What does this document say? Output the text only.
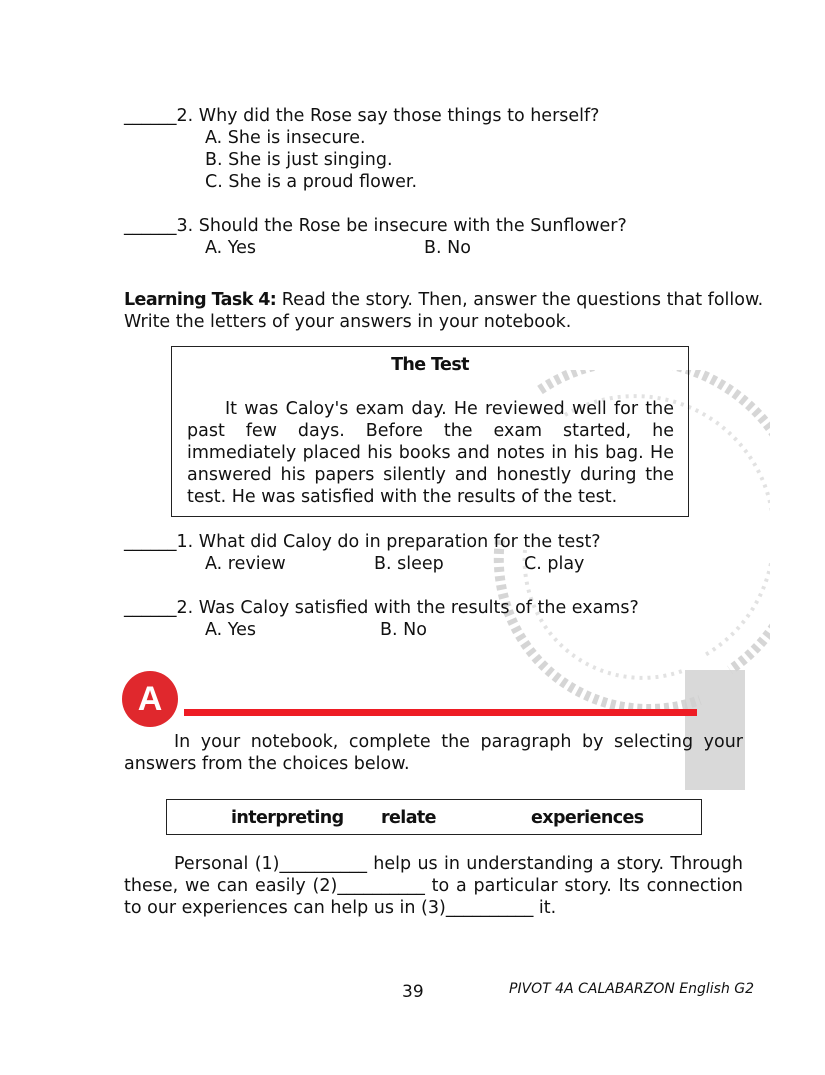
______2. Why did the Rose say those things to herself?
A. She is insecure.
B. She is just singing.
C. She is a proud flower.
______3. Should the Rose be insecure with the Sunflower?
A. Yes	B. No
Learning Task 4: Read the story. Then, answer the questions that follow.
Write the letters of your answers in your notebook.
The Test
It was Caloy's exam day. He reviewed well for the past few days. Before the exam started, he immediately placed his books and notes in his bag. He answered his papers silently and honestly during the test. He was satisfied with the results of the test.
______1. What did Caloy do in preparation for the test?
A. review	B. sleep	C. play
______2. Was Caloy satisfied with the results of the exams?
A. Yes	B. No
A
In your notebook, complete the paragraph by selecting your answers from the choices below.
interpreting relate	experiences
Personal (1)__________ help us in understanding a story. Through these, we can easily (2)__________ to a particular story. Its connection to our experiences can help us in (3)__________ it.
39	PIVOT 4A CALABARZON English G2
